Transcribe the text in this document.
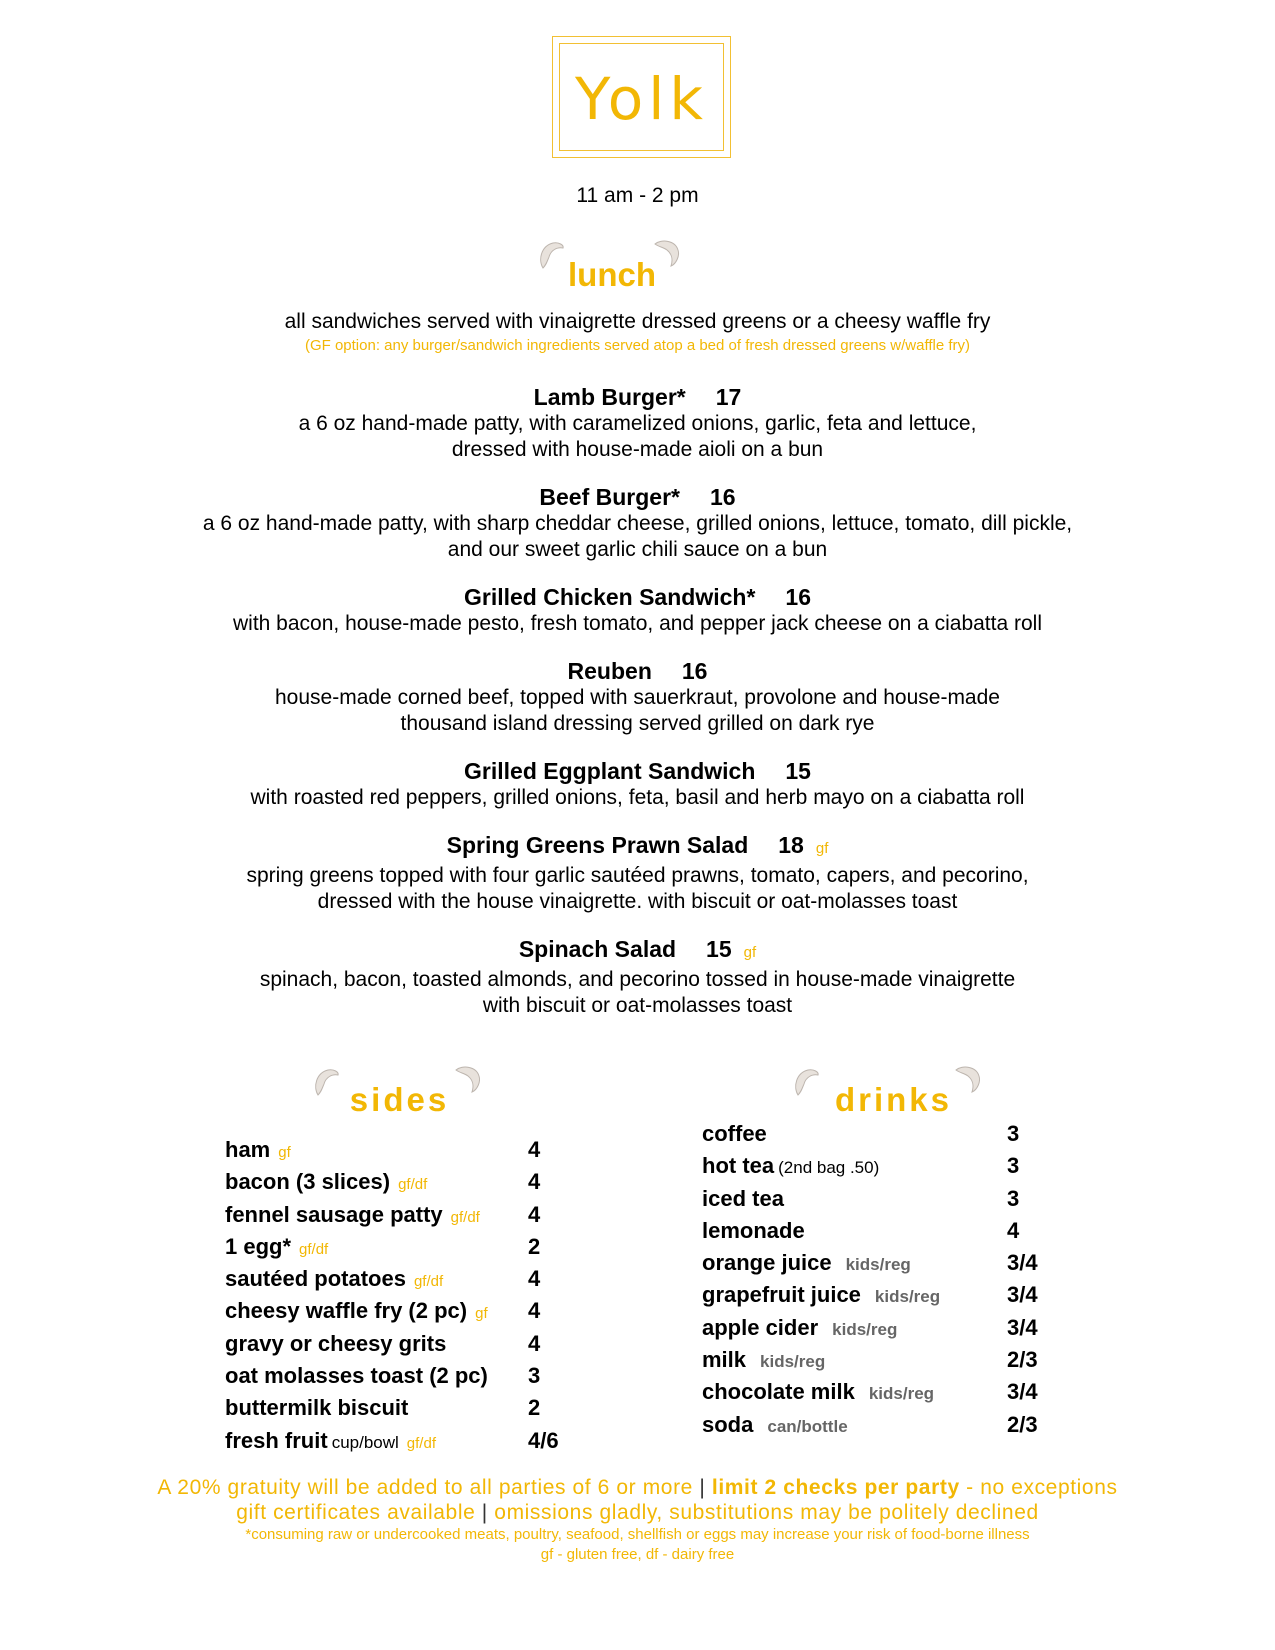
Yolk
11 am - 2 pm
lunch
all sandwiches served with vinaigrette dressed greens or a cheesy waffle fry
(GF option: any burger/sandwich ingredients served atop a bed of fresh dressed greens w/waffle fry)
Lamb Burger* 17
a 6 oz hand-made patty, with caramelized onions, garlic, feta and lettuce,
dressed with house-made aioli on a bun
Beef Burger* 16
a 6 oz hand-made patty, with sharp cheddar cheese, grilled onions, lettuce, tomato, dill pickle,
and our sweet garlic chili sauce on a bun
Grilled Chicken Sandwich* 16
with bacon, house-made pesto, fresh tomato, and pepper jack cheese on a ciabatta roll
Reuben 16
house-made corned beef, topped with sauerkraut, provolone and house-made
thousand island dressing served grilled on dark rye
Grilled Eggplant Sandwich 15
with roasted red peppers, grilled onions, feta, basil and herb mayo on a ciabatta roll
Spring Greens Prawn Salad 18 gf
spring greens topped with four garlic sautéed prawns, tomato, capers, and pecorino,
dressed with the house vinaigrette. with biscuit or oat-molasses toast
Spinach Salad 15 gf
spinach, bacon, toasted almonds, and pecorino tossed in house-made vinaigrette
with biscuit or oat-molasses toast
sides	drinks
ham gf	4
bacon (3 slices) gf/df	4
fennel sausage patty gf/df 4
1 egg* gf/df	2
sautéed potatoes gf/df	4
cheesy waffle fry (2 pc) gf 4
gravy or cheesy grits	4
oat molasses toast (2 pc) 3
buttermilk biscuit	2
fresh fruit cup/bowl gf/df	4/6
coffee	3
hot tea (2nd bag .50)	3
iced tea	3
lemonade	4
orange juice kids/reg	3/4
grapefruit juice kids/reg	3/4
apple cider kids/reg	3/4
milk kids/reg	2/3
chocolate milk kids/reg	3/4
soda can/bottle	2/3
A 20% gratuity will be added to all parties of 6 or more | limit 2 checks per party - no exceptions
gift certificates available | omissions gladly, substitutions may be politely declined
*consuming raw or undercooked meats, poultry, seafood, shellfish or eggs may increase your risk of food-borne illness
gf - gluten free, df - dairy free
